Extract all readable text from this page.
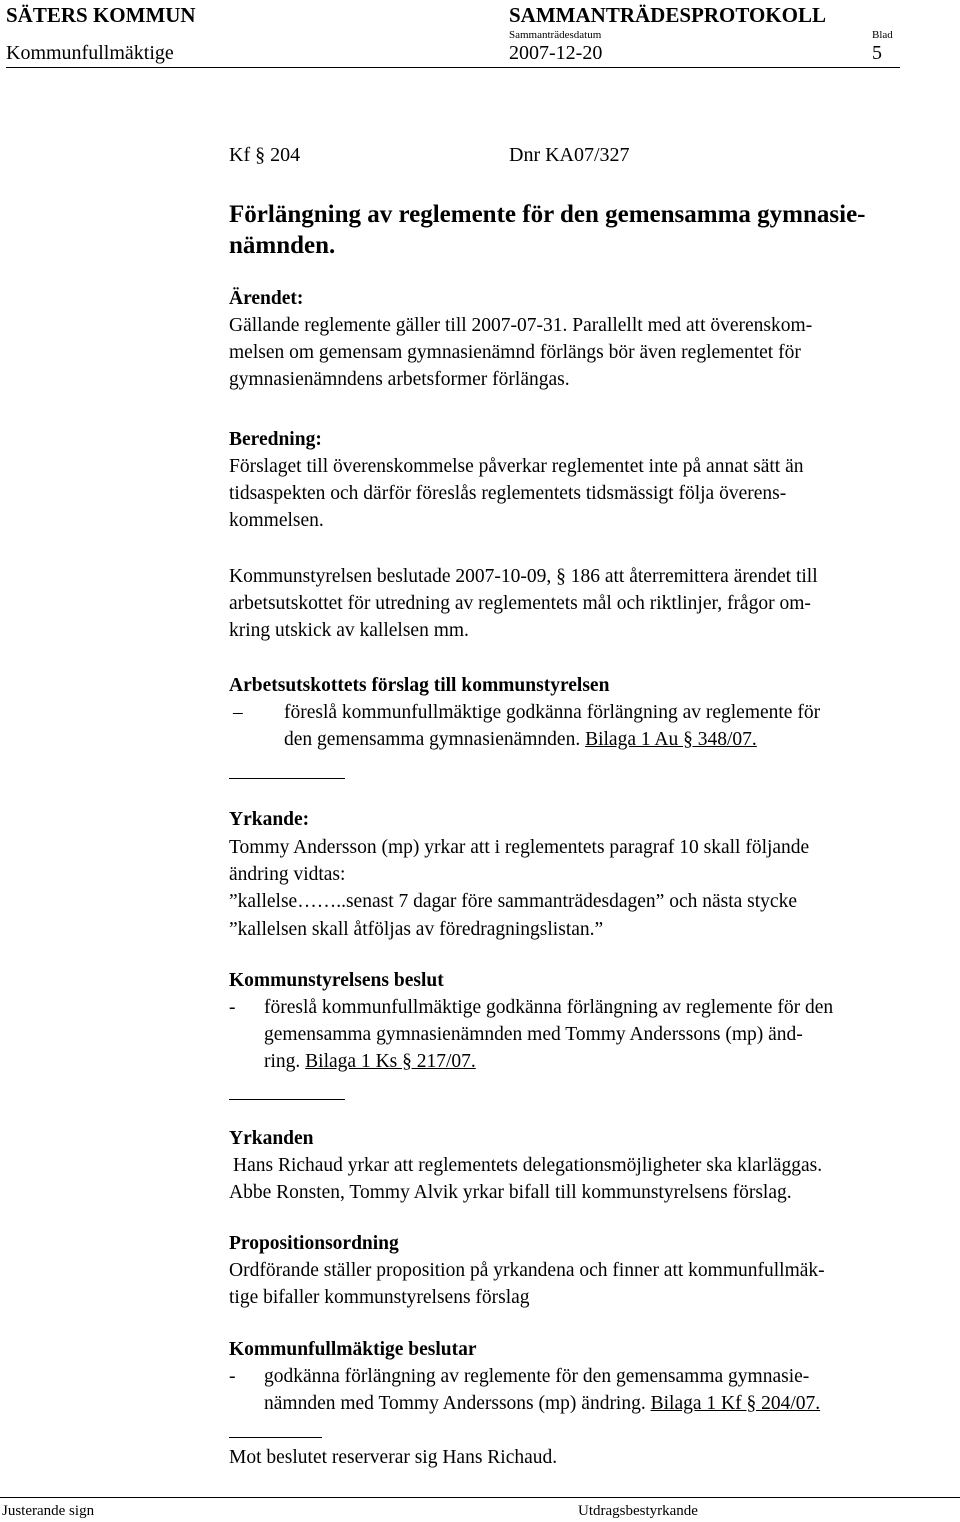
SÄTERS KOMMUN	SAMMANTRÄDESPROTOKOLL
Kommunfullmäktige
Sammanträdesdatum
2007-12-20
Blad
5
Kf § 204	Dnr KA07/327
Förlängning av reglemente för den gemensamma gymnasie-
nämnden.
Ärendet:
Gällande reglemente gäller till 2007-07-31. Parallellt med att överenskom-
melsen om gemensam gymnasienämnd förlängs bör även reglementet för
gymnasienämndens arbetsformer förlängas.
Beredning:
Förslaget till överenskommelse påverkar reglementet inte på annat sätt än
tidsaspekten och därför föreslås reglementets tidsmässigt följa överens-
kommelsen.
Kommunstyrelsen beslutade 2007-10-09, § 186 att återremittera ärendet till
arbetsutskottet för utredning av reglementets mål och riktlinjer, frågor om-
kring utskick av kallelsen mm.
Arbetsutskottets förslag till kommunstyrelsen
– föreslå kommunfullmäktige godkänna förlängning av reglemente för
den gemensamma gymnasienämnden. Bilaga 1 Au § 348/07.
Yrkande:
Tommy Andersson (mp) yrkar att i reglementets paragraf 10 skall följande
ändring vidtas:
”kallelse……..senast 7 dagar före sammanträdesdagen” och nästa stycke
”kallelsen skall åtföljas av föredragningslistan.”
Kommunstyrelsens beslut
- föreslå kommunfullmäktige godkänna förlängning av reglemente för den
gemensamma gymnasienämnden med Tommy Anderssons (mp) änd-
ring. Bilaga 1 Ks § 217/07.
Yrkanden
Hans Richaud yrkar att reglementets delegationsmöjligheter ska klarläggas.
Abbe Ronsten, Tommy Alvik yrkar bifall till kommunstyrelsens förslag.
Propositionsordning
Ordförande ställer proposition på yrkandena och finner att kommunfullmäk-
tige bifaller kommunstyrelsens förslag
Kommunfullmäktige beslutar
- godkänna förlängning av reglemente för den gemensamma gymnasie-
nämnden med Tommy Anderssons (mp) ändring. Bilaga 1 Kf § 204/07.
Mot beslutet reserverar sig Hans Richaud.
Justerande sign	Utdragsbestyrkande
